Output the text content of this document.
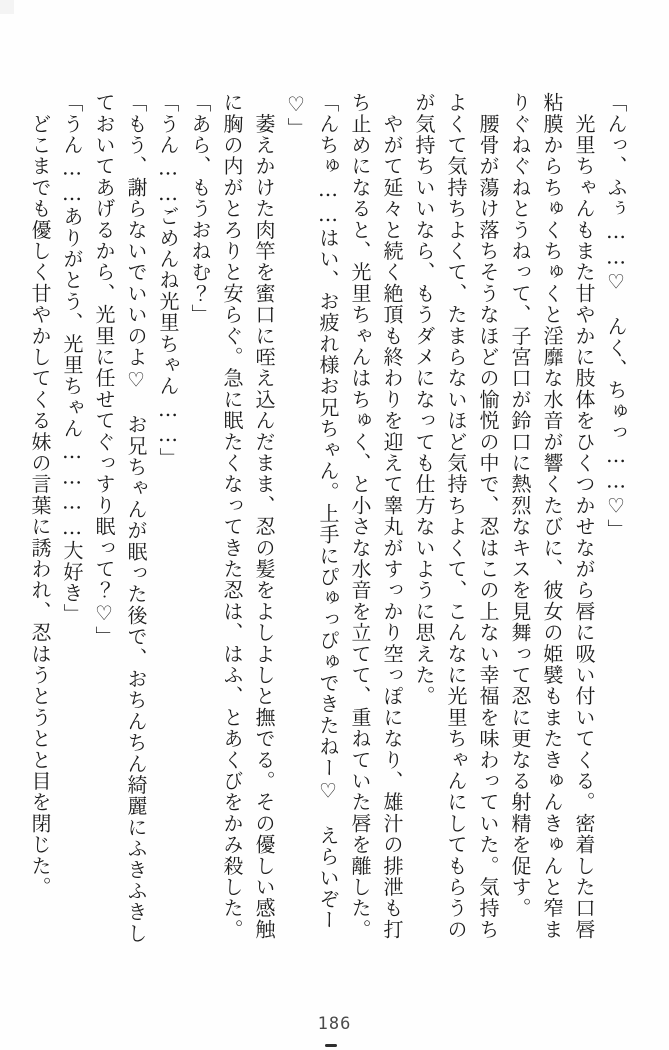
「んっ、ふぅ……♡　んく、ちゅっ……♡」

　光里ちゃんもまた甘やかに肢体をひくつかせながら唇に吸い付いてくる。密着した口唇

粘膜からちゅくちゅくと淫靡な水音が響くたびに、彼女の姫襞もまたきゅんきゅんと窄ま

りぐねぐねとうねって、子宮口が鈴口に熱烈なキスを見舞って忍に更なる射精を促す。

　腰骨が蕩け落ちそうなほどの愉悦の中で、忍はこの上ない幸福を味わっていた。気持ち

よくて気持ちよくて、たまらないほど気持ちよくて、こんなに光里ちゃんにしてもらうの

が気持ちいいなら、もうダメになっても仕方ないように思えた。

　やがて延々と続く絶頂も終わりを迎えて睾丸がすっかり空っぽになり、雄汁の排泄も打

ち止めになると、光里ちゃんはちゅく、と小さな水音を立てて、重ねていた唇を離した。

「んちゅ……はい、お疲れ様お兄ちゃん。上手にぴゅっぴゅできたねー♡　えらいぞー♡」

　萎えかけた肉竿を蜜口に咥え込んだまま、忍の髪をよしよしと撫でる。その優しい感触

に胸の内がとろりと安らぐ。急に眠たくなってきた忍は、はふ、とあくびをかみ殺した。

「あら、もうおねむ？」

「うん……ごめんね光里ちゃん……」

「もう、謝らないでいいのよ♡　お兄ちゃんが眠った後で、おちんちん綺麗にふきふきし

ておいてあげるから、光里に任せてぐっすり眠って？♡」

「うん……ありがとう、光里ちゃん…………大好き」

　どこまでも優しく甘やかしてくる妹の言葉に誘われ、忍はうとうとと目を閉じた。

186
